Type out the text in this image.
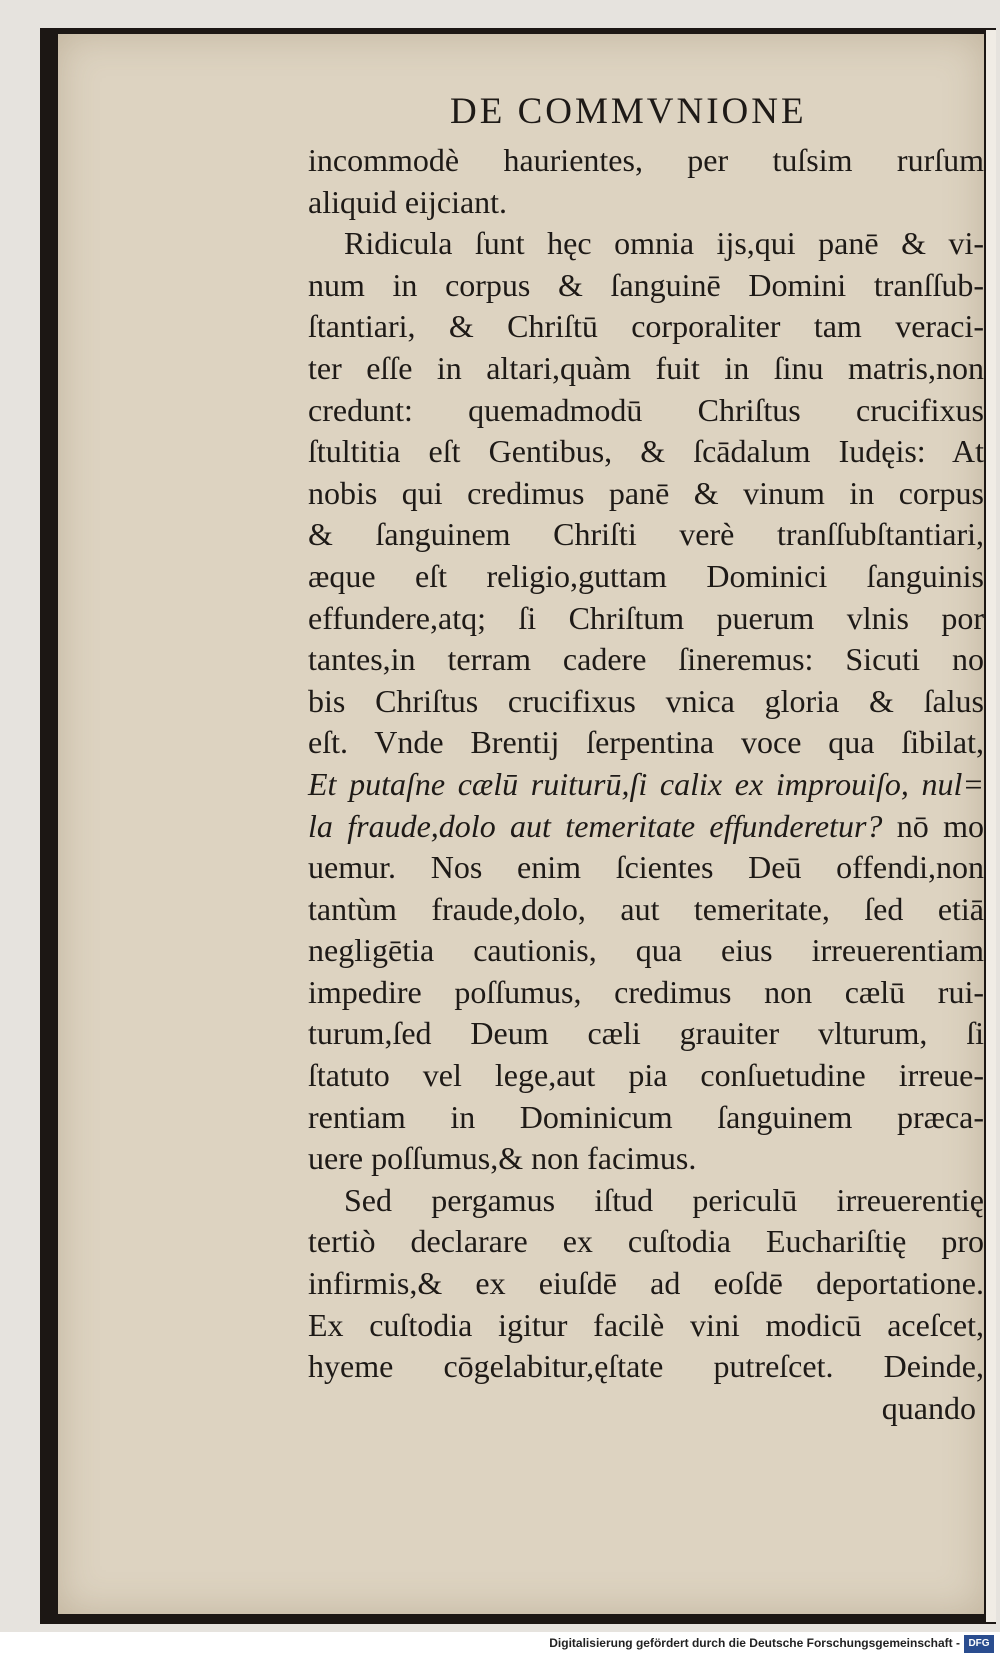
DE COMMVNIONE
incommodè haurientes, per tuſsim rurſum
aliquid eijciant.
Ridicula ſunt hęc omnia ijs,qui panē & vi-
num in corpus & ſanguinē Domini tranſſub-
ſtantiari, & Chriſtū corporaliter tam veraci-
ter eſſe in altari,quàm fuit in ſinu matris,non
credunt: quemadmodū Chriſtus crucifixus
ſtultitia eſt Gentibus, & ſcādalum Iudęis: At
nobis qui credimus panē & vinum in corpus
& ſanguinem Chriſti verè tranſſubſtantiari,
æque eſt religio,guttam Dominici ſanguinis
effundere,atq; ſi Chriſtum puerum vlnis por
tantes,in terram cadere ſineremus: Sicuti no
bis Chriſtus crucifixus vnica gloria & ſalus
eſt. Vnde Brentij ſerpentina voce qua ſibilat,
Et putaſne cælū ruiturū,ſi calix ex improuiſo, nul=
la fraude,dolo aut temeritate effunderetur? nō mo
uemur. Nos enim ſcientes Deū offendi,non
tantùm fraude,dolo, aut temeritate, ſed etiā
negligētia cautionis, qua eius irreuerentiam
impedire poſſumus, credimus non cælū rui-
turum,ſed Deum cæli grauiter vlturum, ſi
ſtatuto vel lege,aut pia conſuetudine irreue-
rentiam in Dominicum ſanguinem præca-
uere poſſumus,& non facimus.
Sed pergamus iſtud periculū irreuerentię
tertiò declarare ex cuſtodia Euchariſtię pro
infirmis,& ex eiuſdē ad eoſdē deportatione.
Ex cuſtodia igitur facilè vini modicū aceſcet,
hyeme cōgelabitur,ęſtate putreſcet. Deinde,
quando
Digitalisierung gefördert durch die Deutsche Forschungsgemeinschaft - DFG
